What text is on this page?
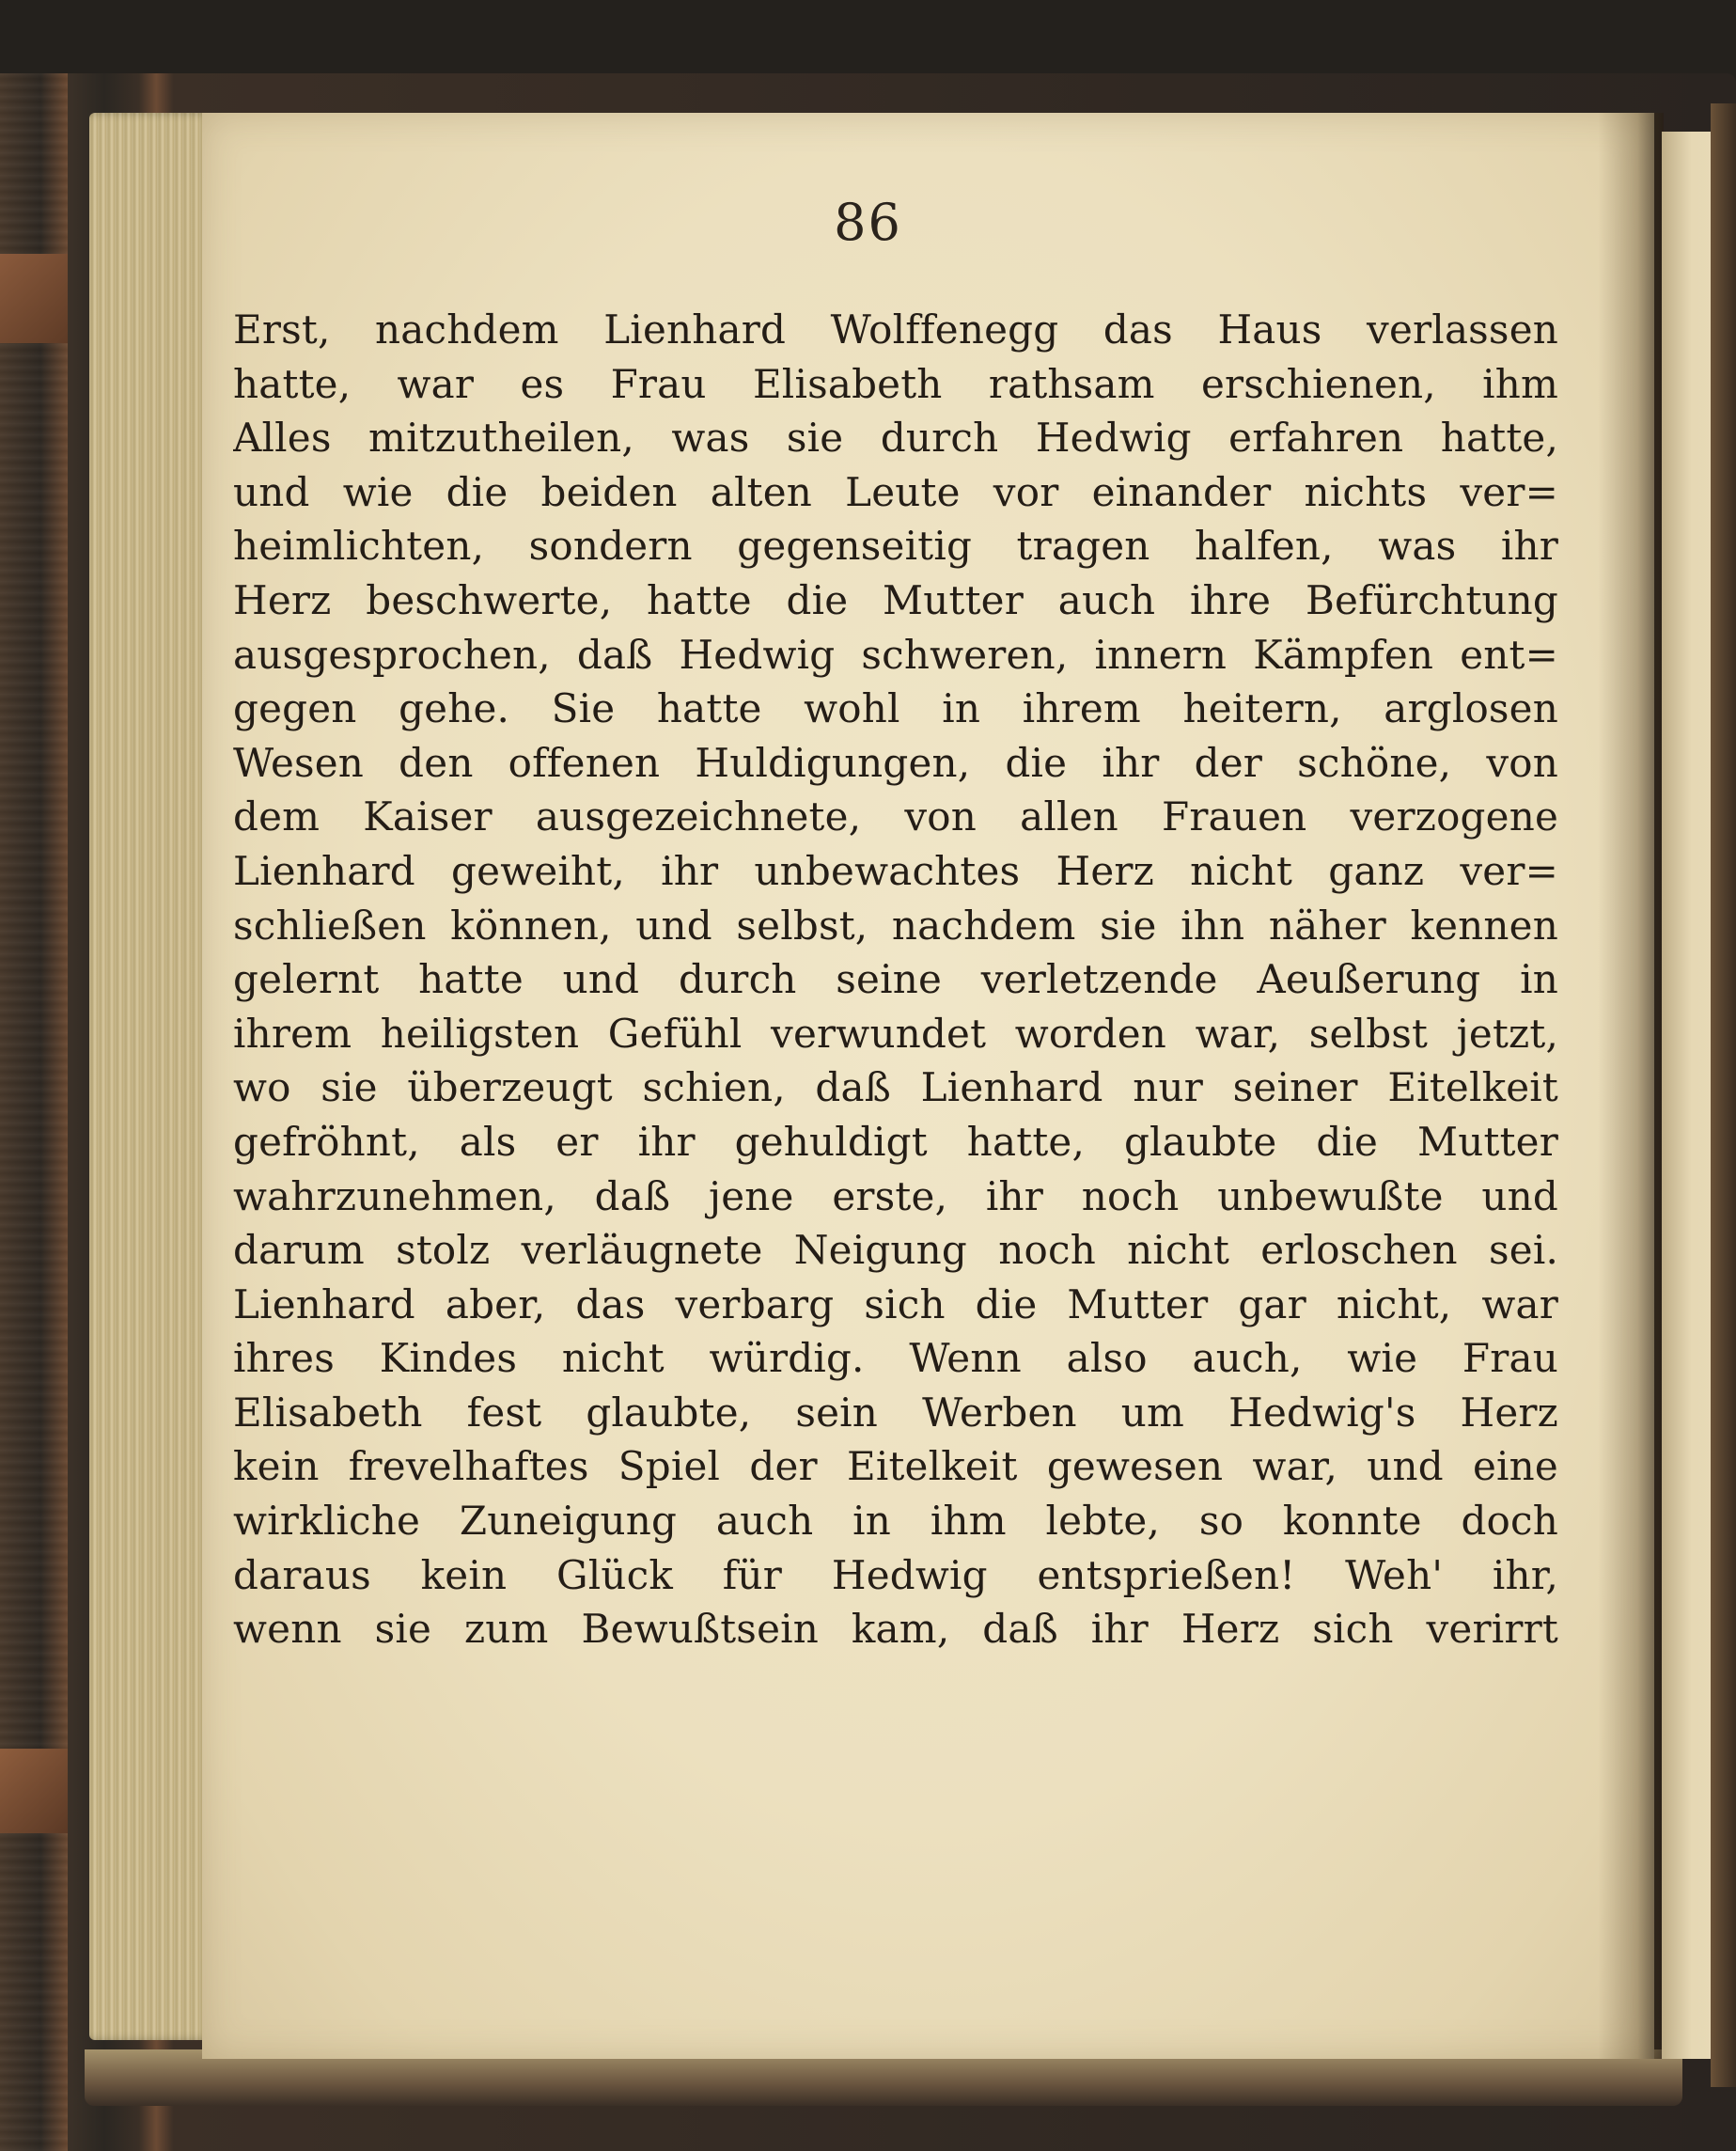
86
Erst, nachdem Lienhard Wolffenegg das Haus verlassen
hatte, war es Frau Elisabeth rathsam erschienen, ihm
Alles mitzutheilen, was sie durch Hedwig erfahren hatte,
und wie die beiden alten Leute vor einander nichts ver=
heimlichten, sondern gegenseitig tragen halfen, was ihr
Herz beschwerte, hatte die Mutter auch ihre Befürchtung
ausgesprochen, daß Hedwig schweren, innern Kämpfen ent=
gegen gehe. Sie hatte wohl in ihrem heitern, arglosen
Wesen den offenen Huldigungen, die ihr der schöne, von
dem Kaiser ausgezeichnete, von allen Frauen verzogene
Lienhard geweiht, ihr unbewachtes Herz nicht ganz ver=
schließen können, und selbst, nachdem sie ihn näher kennen
gelernt hatte und durch seine verletzende Aeußerung in
ihrem heiligsten Gefühl verwundet worden war, selbst jetzt,
wo sie überzeugt schien, daß Lienhard nur seiner Eitelkeit
gefröhnt, als er ihr gehuldigt hatte, glaubte die Mutter
wahrzunehmen, daß jene erste, ihr noch unbewußte und
darum stolz verläugnete Neigung noch nicht erloschen sei.
Lienhard aber, das verbarg sich die Mutter gar nicht, war
ihres Kindes nicht würdig. Wenn also auch, wie Frau
Elisabeth fest glaubte, sein Werben um Hedwig's Herz
kein frevelhaftes Spiel der Eitelkeit gewesen war, und eine
wirkliche Zuneigung auch in ihm lebte, so konnte doch
daraus kein Glück für Hedwig entsprießen! Weh' ihr,
wenn sie zum Bewußtsein kam, daß ihr Herz sich verirrt
